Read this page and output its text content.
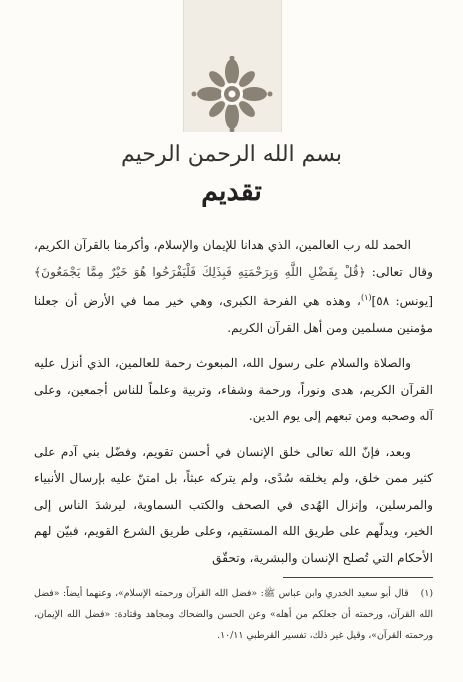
بسم الله الرحمن الرحيم
تقديم

الحمد لله رب العالمين، الذي هدانا للإيمان والإسلام، وأكرمنا بالقرآن الكريم، وقال تعالى: ﴿قُلْ بِفَضْلِ اللَّهِ وَبِرَحْمَتِهِ فَبِذَلِكَ فَلْيَفْرَحُوا هُوَ خَيْرٌ مِمَّا يَجْمَعُونَ﴾ [يونس: ٥٨]$^{(١)}$، وهذه هي الفرحة الكبرى، وهي خير مما في الأرض أن جعلنا مؤمنين مسلمين ومن أهل القرآن الكريم.

والصلاة والسلام على رسول الله، المبعوث رحمة للعالمين، الذي أنزل عليه القرآن الكريم، هدى ونوراً، ورحمة وشفاء، وتربية وعلماً للناس أجمعين، وعلى آله وصحبه ومن تبعهم إلى يوم الدين.

وبعد، فإنّ الله تعالى خلق الإنسان في أحسن تقويم، وفضّل بني آدم على كثير ممن خلق، ولم يخلقه سُدًى، ولم يتركه عبثاً، بل امتنّ عليه بإرسال الأنبياء والمرسلين، وإنزال الهُدى في الصحف والكتب السماوية، ليرشدَ الناس إلى الخير، ويدلّهم على طريق الله المستقيم، وعلى طريق الشرع القويم، فبيّن لهم الأحكام التي تُصلح الإنسان والبشرية، وتحقّق

(١)قال أبو سعيد الخدري وابن عباس ﷺ: «فضل الله القرآن ورحمته الإسلام»، وعنهما أيضاً: «فضل الله القرآن، ورحمته أن جعلكم من أهله» وعن الحسن والضحاك ومجاهد وقتادة: «فضل الله الإيمان، ورحمته القرآن»، وقيل غير ذلك، تفسير القرطبي ١٠/١١.
